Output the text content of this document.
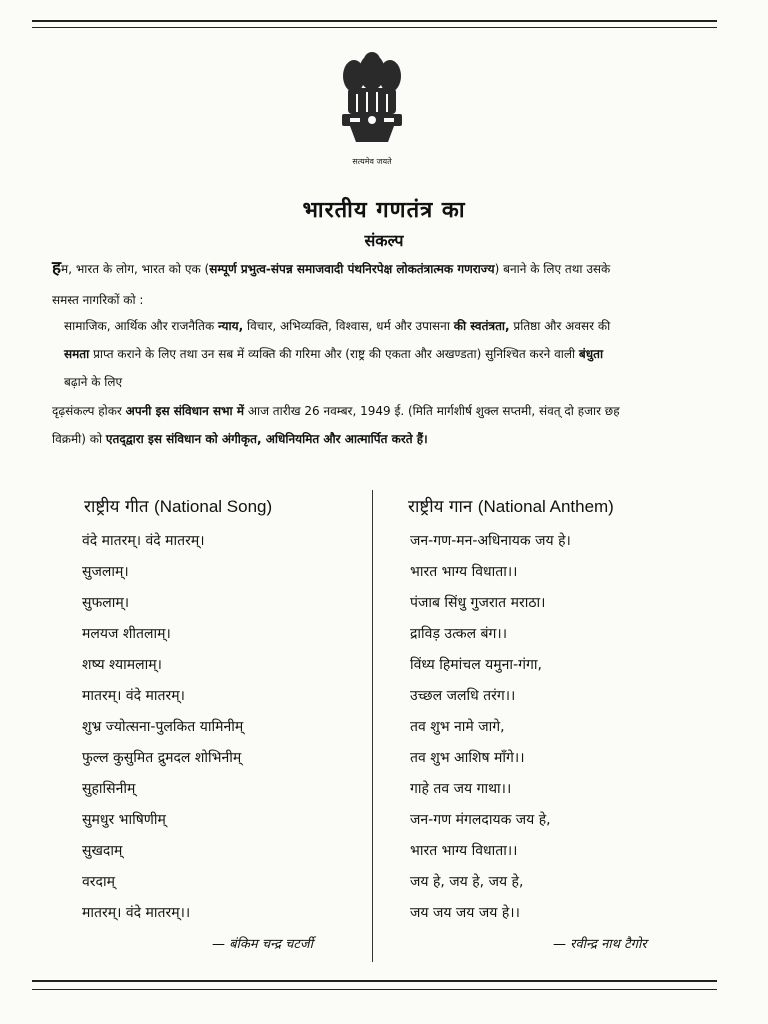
सत्यमेव जयते
भारतीय गणतंत्र का
संकल्प
हम, भारत के लोग, भारत को एक (सम्पूर्ण प्रभुत्व-संपन्न समाजवादी पंथनिरपेक्ष लोकतंत्रात्मक गणराज्य) बनाने के लिए तथा उसके
समस्त नागरिकों को :
सामाजिक, आर्थिक और राजनैतिक न्याय, विचार, अभिव्यक्ति, विश्वास, धर्म और उपासना की स्वतंत्रता, प्रतिष्ठा और अवसर की
समता प्राप्त कराने के लिए तथा उन सब में व्यक्ति की गरिमा और (राष्ट्र की एकता और अखण्डता) सुनिश्चित करने वाली बंधुता
बढ़ाने के लिए
दृढ़संकल्प होकर अपनी इस संविधान सभा में आज तारीख 26 नवम्बर, 1949 ई. (मिति मार्गशीर्ष शुक्ल सप्तमी, संवत् दो हजार छह
विक्रमी) को एतद्‌द्वारा इस संविधान को अंगीकृत, अधिनियमित और आत्मार्पित करते हैं।
राष्ट्रीय गीत (National Song)
वंदे मातरम्। वंदे मातरम्।
सुजलाम्।
सुफलाम्।
मलयज शीतलाम्।
शष्य श्यामलाम्।
मातरम्। वंदे मातरम्।
शुभ्र ज्योत्सना-पुलकित यामिनीम्
फुल्ल कुसुमित द्रुमदल शोभिनीम्
सुहासिनीम्
सुमधुर भाषिणीम्
सुखदाम्
वरदाम्
मातरम्। वंदे मातरम्।।
— बंकिम चन्द्र चटर्जी
राष्ट्रीय गान (National Anthem)
जन-गण-मन-अधिनायक जय हे।
भारत भाग्य विधाता।।
पंजाब सिंधु गुजरात मराठा।
द्राविड़ उत्कल बंग।।
विंध्य हिमांचल यमुना-गंगा,
उच्छल जलधि तरंग।।
तव शुभ नामे जागे,
तव शुभ आशिष माँगे।।
गाहे तव जय गाथा।।
जन-गण मंगलदायक जय हे,
भारत भाग्य विधाता।।
जय हे, जय हे, जय हे,
जय जय जय जय हे।।
— रवीन्द्र नाथ टैगोर
